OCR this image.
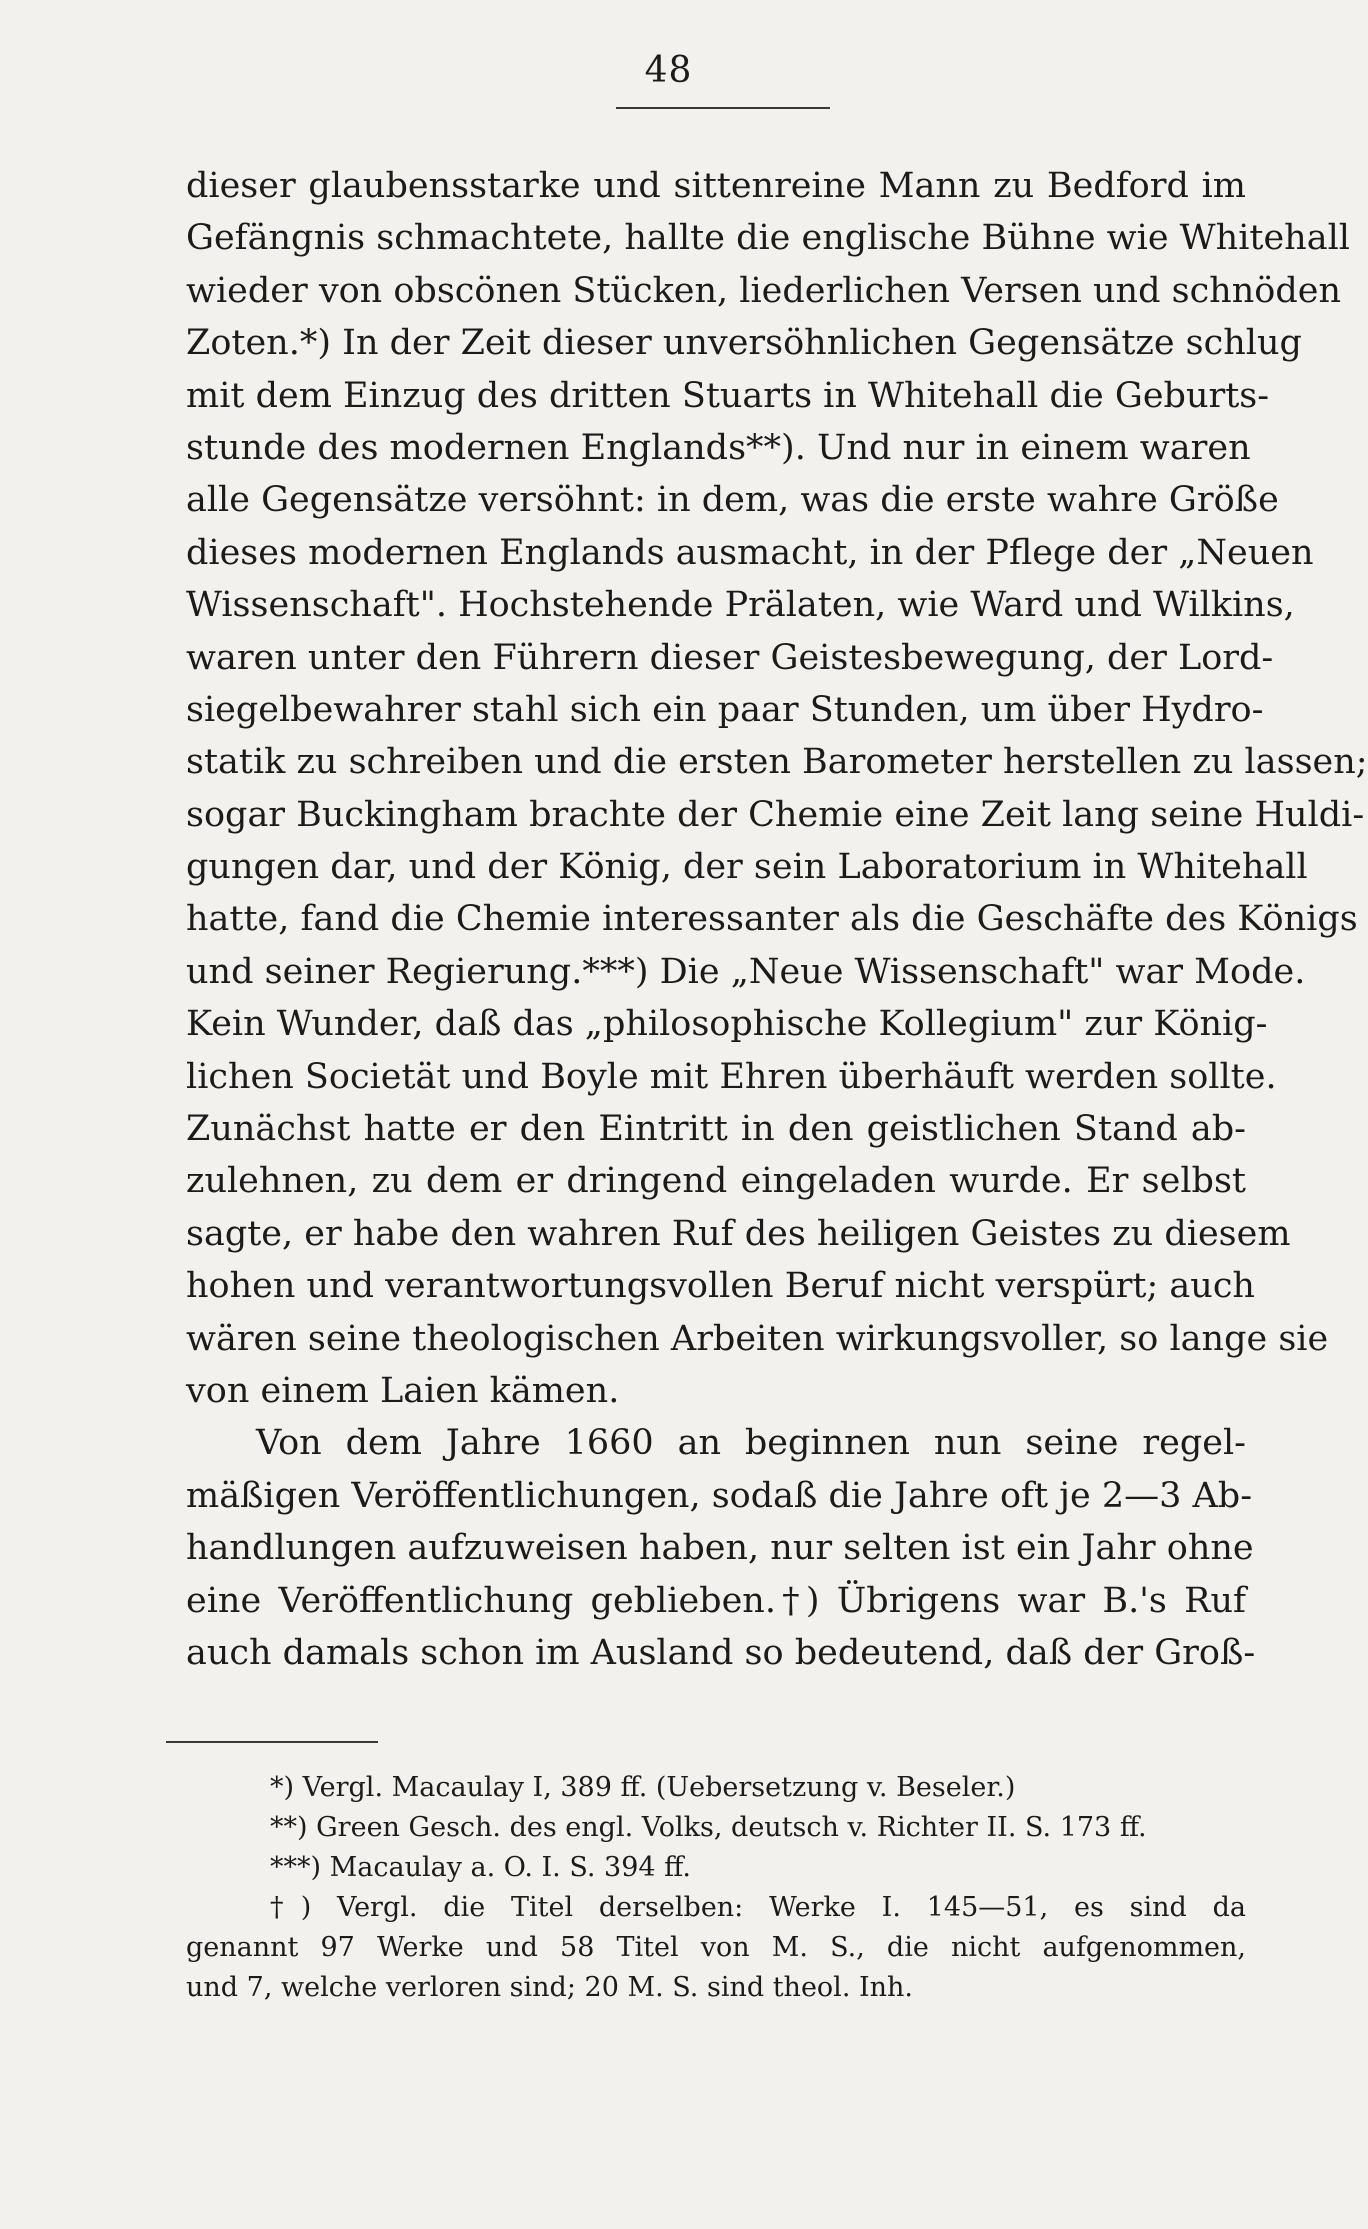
48
dieser glaubensstarke und sittenreine Mann zu Bedford im
Gefängnis schmachtete, hallte die englische Bühne wie Whitehall
wieder von obscönen Stücken, liederlichen Versen und schnöden
Zoten.*) In der Zeit dieser unversöhnlichen Gegensätze schlug
mit dem Einzug des dritten Stuarts in Whitehall die Geburts-
stunde des modernen Englands**). Und nur in einem waren
alle Gegensätze versöhnt: in dem, was die erste wahre Größe
dieses modernen Englands ausmacht, in der Pflege der „Neuen
Wissenschaft". Hochstehende Prälaten, wie Ward und Wilkins,
waren unter den Führern dieser Geistesbewegung, der Lord-
siegelbewahrer stahl sich ein paar Stunden, um über Hydro-
statik zu schreiben und die ersten Barometer herstellen zu lassen;
sogar Buckingham brachte der Chemie eine Zeit lang seine Huldi-
gungen dar, und der König, der sein Laboratorium in Whitehall
hatte, fand die Chemie interessanter als die Geschäfte des Königs
und seiner Regierung.***) Die „Neue Wissenschaft" war Mode.
Kein Wunder, daß das „philosophische Kollegium" zur König-
lichen Societät und Boyle mit Ehren überhäuft werden sollte.
Zunächst hatte er den Eintritt in den geistlichen Stand ab-
zulehnen, zu dem er dringend eingeladen wurde. Er selbst
sagte, er habe den wahren Ruf des heiligen Geistes zu diesem
hohen und verantwortungsvollen Beruf nicht verspürt; auch
wären seine theologischen Arbeiten wirkungsvoller, so lange sie
von einem Laien kämen.
Von dem Jahre 1660 an beginnen nun seine regel-
mäßigen Veröffentlichungen, sodaß die Jahre oft je 2—3 Ab-
handlungen aufzuweisen haben, nur selten ist ein Jahr ohne
eine Veröffentlichung geblieben.†) Übrigens war B.'s Ruf
auch damals schon im Ausland so bedeutend, daß der Groß-
*) Vergl. Macaulay I, 389 ff. (Uebersetzung v. Beseler.)
**) Green Gesch. des engl. Volks, deutsch v. Richter II. S. 173 ff.
***) Macaulay a. O. I. S. 394 ff.
†) Vergl. die Titel derselben: Werke I. 145—51, es sind da
genannt 97 Werke und 58 Titel von M. S., die nicht aufgenommen,
und 7, welche verloren sind; 20 M. S. sind theol. Inh.
